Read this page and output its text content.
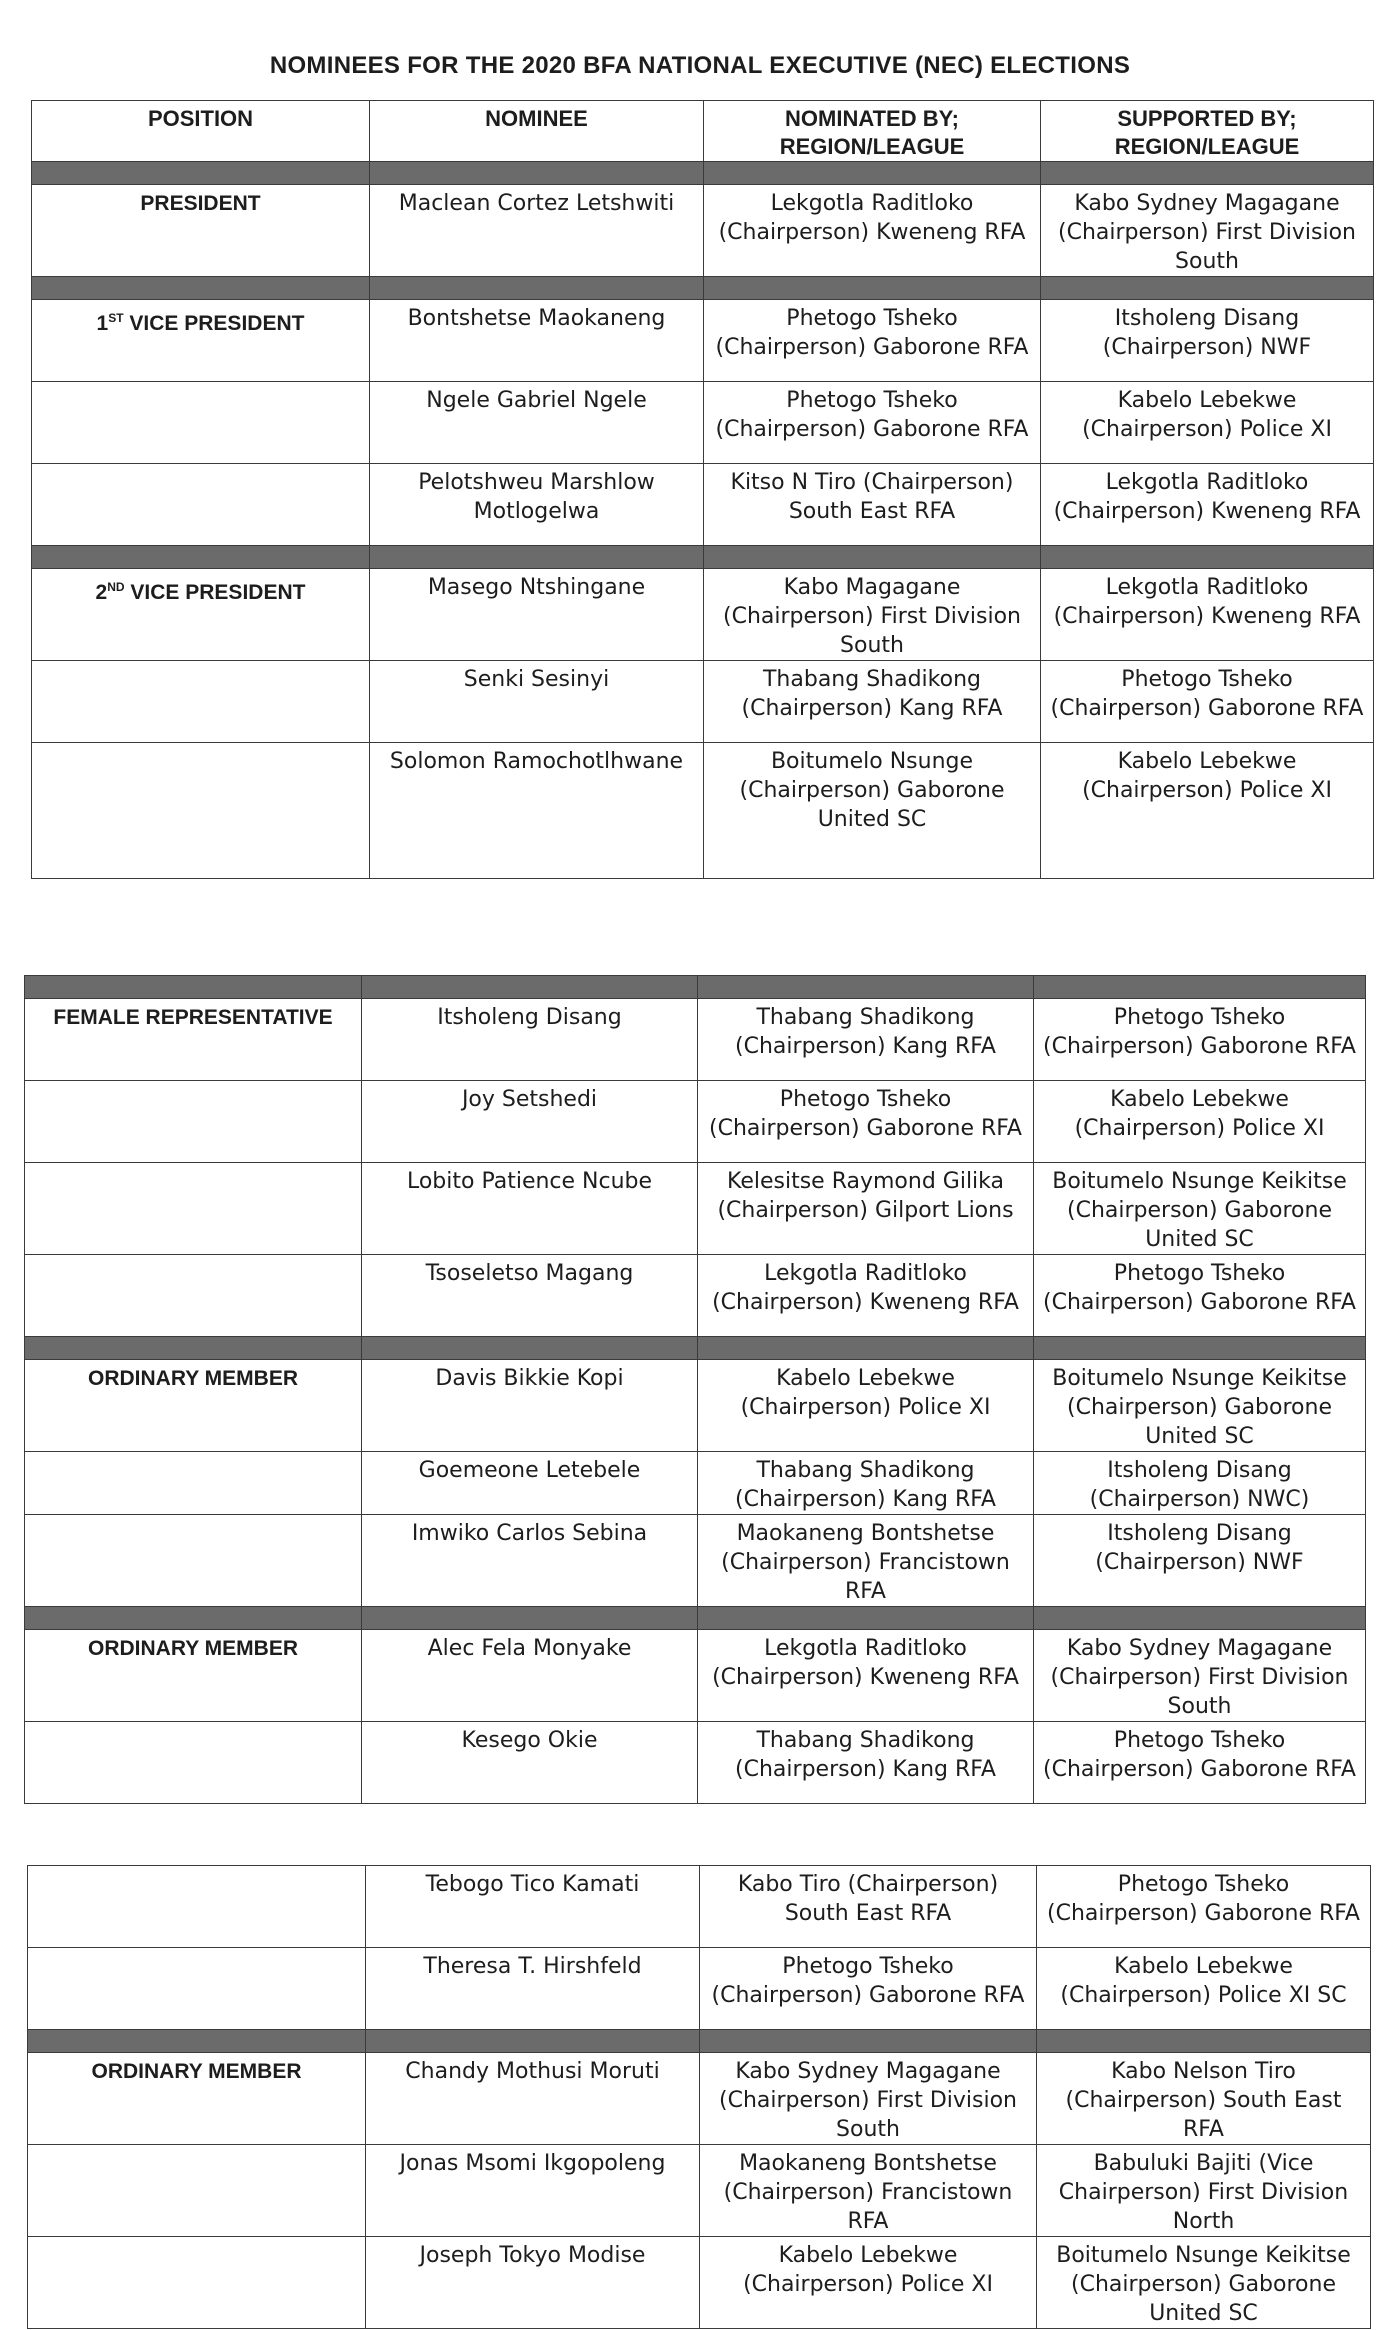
NOMINEES FOR THE 2020 BFA NATIONAL EXECUTIVE (NEC) ELECTIONS
POSITION	NOMINEE	NOMINATED BY; REGION/LEAGUE	SUPPORTED BY; REGION/LEAGUE

PRESIDENT	Maclean Cortez Letshwiti	Lekgotla Raditloko (Chairperson) Kweneng RFA	Kabo Sydney Magagane (Chairperson) First Division South

1ST VICE PRESIDENT	Bontshetse Maokaneng	Phetogo Tsheko (Chairperson) Gaborone RFA	Itsholeng Disang (Chairperson) NWF
	Ngele Gabriel Ngele	Phetogo Tsheko (Chairperson) Gaborone RFA	Kabelo Lebekwe (Chairperson) Police XI
	Pelotshweu Marshlow Motlogelwa	Kitso N Tiro (Chairperson) South East RFA	Lekgotla Raditloko (Chairperson) Kweneng RFA

2ND VICE PRESIDENT	Masego Ntshingane	Kabo Magagane (Chairperson) First Division South	Lekgotla Raditloko (Chairperson) Kweneng RFA
	Senki Sesinyi	Thabang Shadikong (Chairperson) Kang RFA	Phetogo Tsheko (Chairperson) Gaborone RFA
	Solomon Ramochotlhwane	Boitumelo Nsunge (Chairperson) Gaborone United SC	Kabelo Lebekwe (Chairperson) Police XI

FEMALE REPRESENTATIVE	Itsholeng Disang	Thabang Shadikong (Chairperson) Kang RFA	Phetogo Tsheko (Chairperson) Gaborone RFA
	Joy Setshedi	Phetogo Tsheko (Chairperson) Gaborone RFA	Kabelo Lebekwe (Chairperson) Police XI
	Lobito Patience Ncube	Kelesitse Raymond Gilika (Chairperson) Gilport Lions	Boitumelo Nsunge Keikitse (Chairperson) Gaborone United SC
	Tsoseletso Magang	Lekgotla Raditloko (Chairperson) Kweneng RFA	Phetogo Tsheko (Chairperson) Gaborone RFA

ORDINARY MEMBER	Davis Bikkie Kopi	Kabelo Lebekwe (Chairperson) Police XI	Boitumelo Nsunge Keikitse (Chairperson) Gaborone United SC
	Goemeone Letebele	Thabang Shadikong (Chairperson) Kang RFA	Itsholeng Disang (Chairperson) NWC)
	Imwiko Carlos Sebina	Maokaneng Bontshetse (Chairperson) Francistown RFA	Itsholeng Disang (Chairperson) NWF

ORDINARY MEMBER	Alec Fela Monyake	Lekgotla Raditloko (Chairperson) Kweneng RFA	Kabo Sydney Magagane (Chairperson) First Division South
	Kesego Okie	Thabang Shadikong (Chairperson) Kang RFA	Phetogo Tsheko (Chairperson) Gaborone RFA
	Tebogo Tico Kamati	Kabo Tiro (Chairperson) South East RFA	Phetogo Tsheko (Chairperson) Gaborone RFA
	Theresa T. Hirshfeld	Phetogo Tsheko (Chairperson) Gaborone RFA	Kabelo Lebekwe (Chairperson) Police XI SC

ORDINARY MEMBER	Chandy Mothusi Moruti	Kabo Sydney Magagane (Chairperson) First Division South	Kabo Nelson Tiro (Chairperson) South East RFA
	Jonas Msomi Ikgopoleng	Maokaneng Bontshetse (Chairperson) Francistown RFA	Babuluki Bajiti (Vice Chairperson) First Division North
	Joseph Tokyo Modise	Kabelo Lebekwe (Chairperson) Police XI	Boitumelo Nsunge Keikitse (Chairperson) Gaborone United SC
